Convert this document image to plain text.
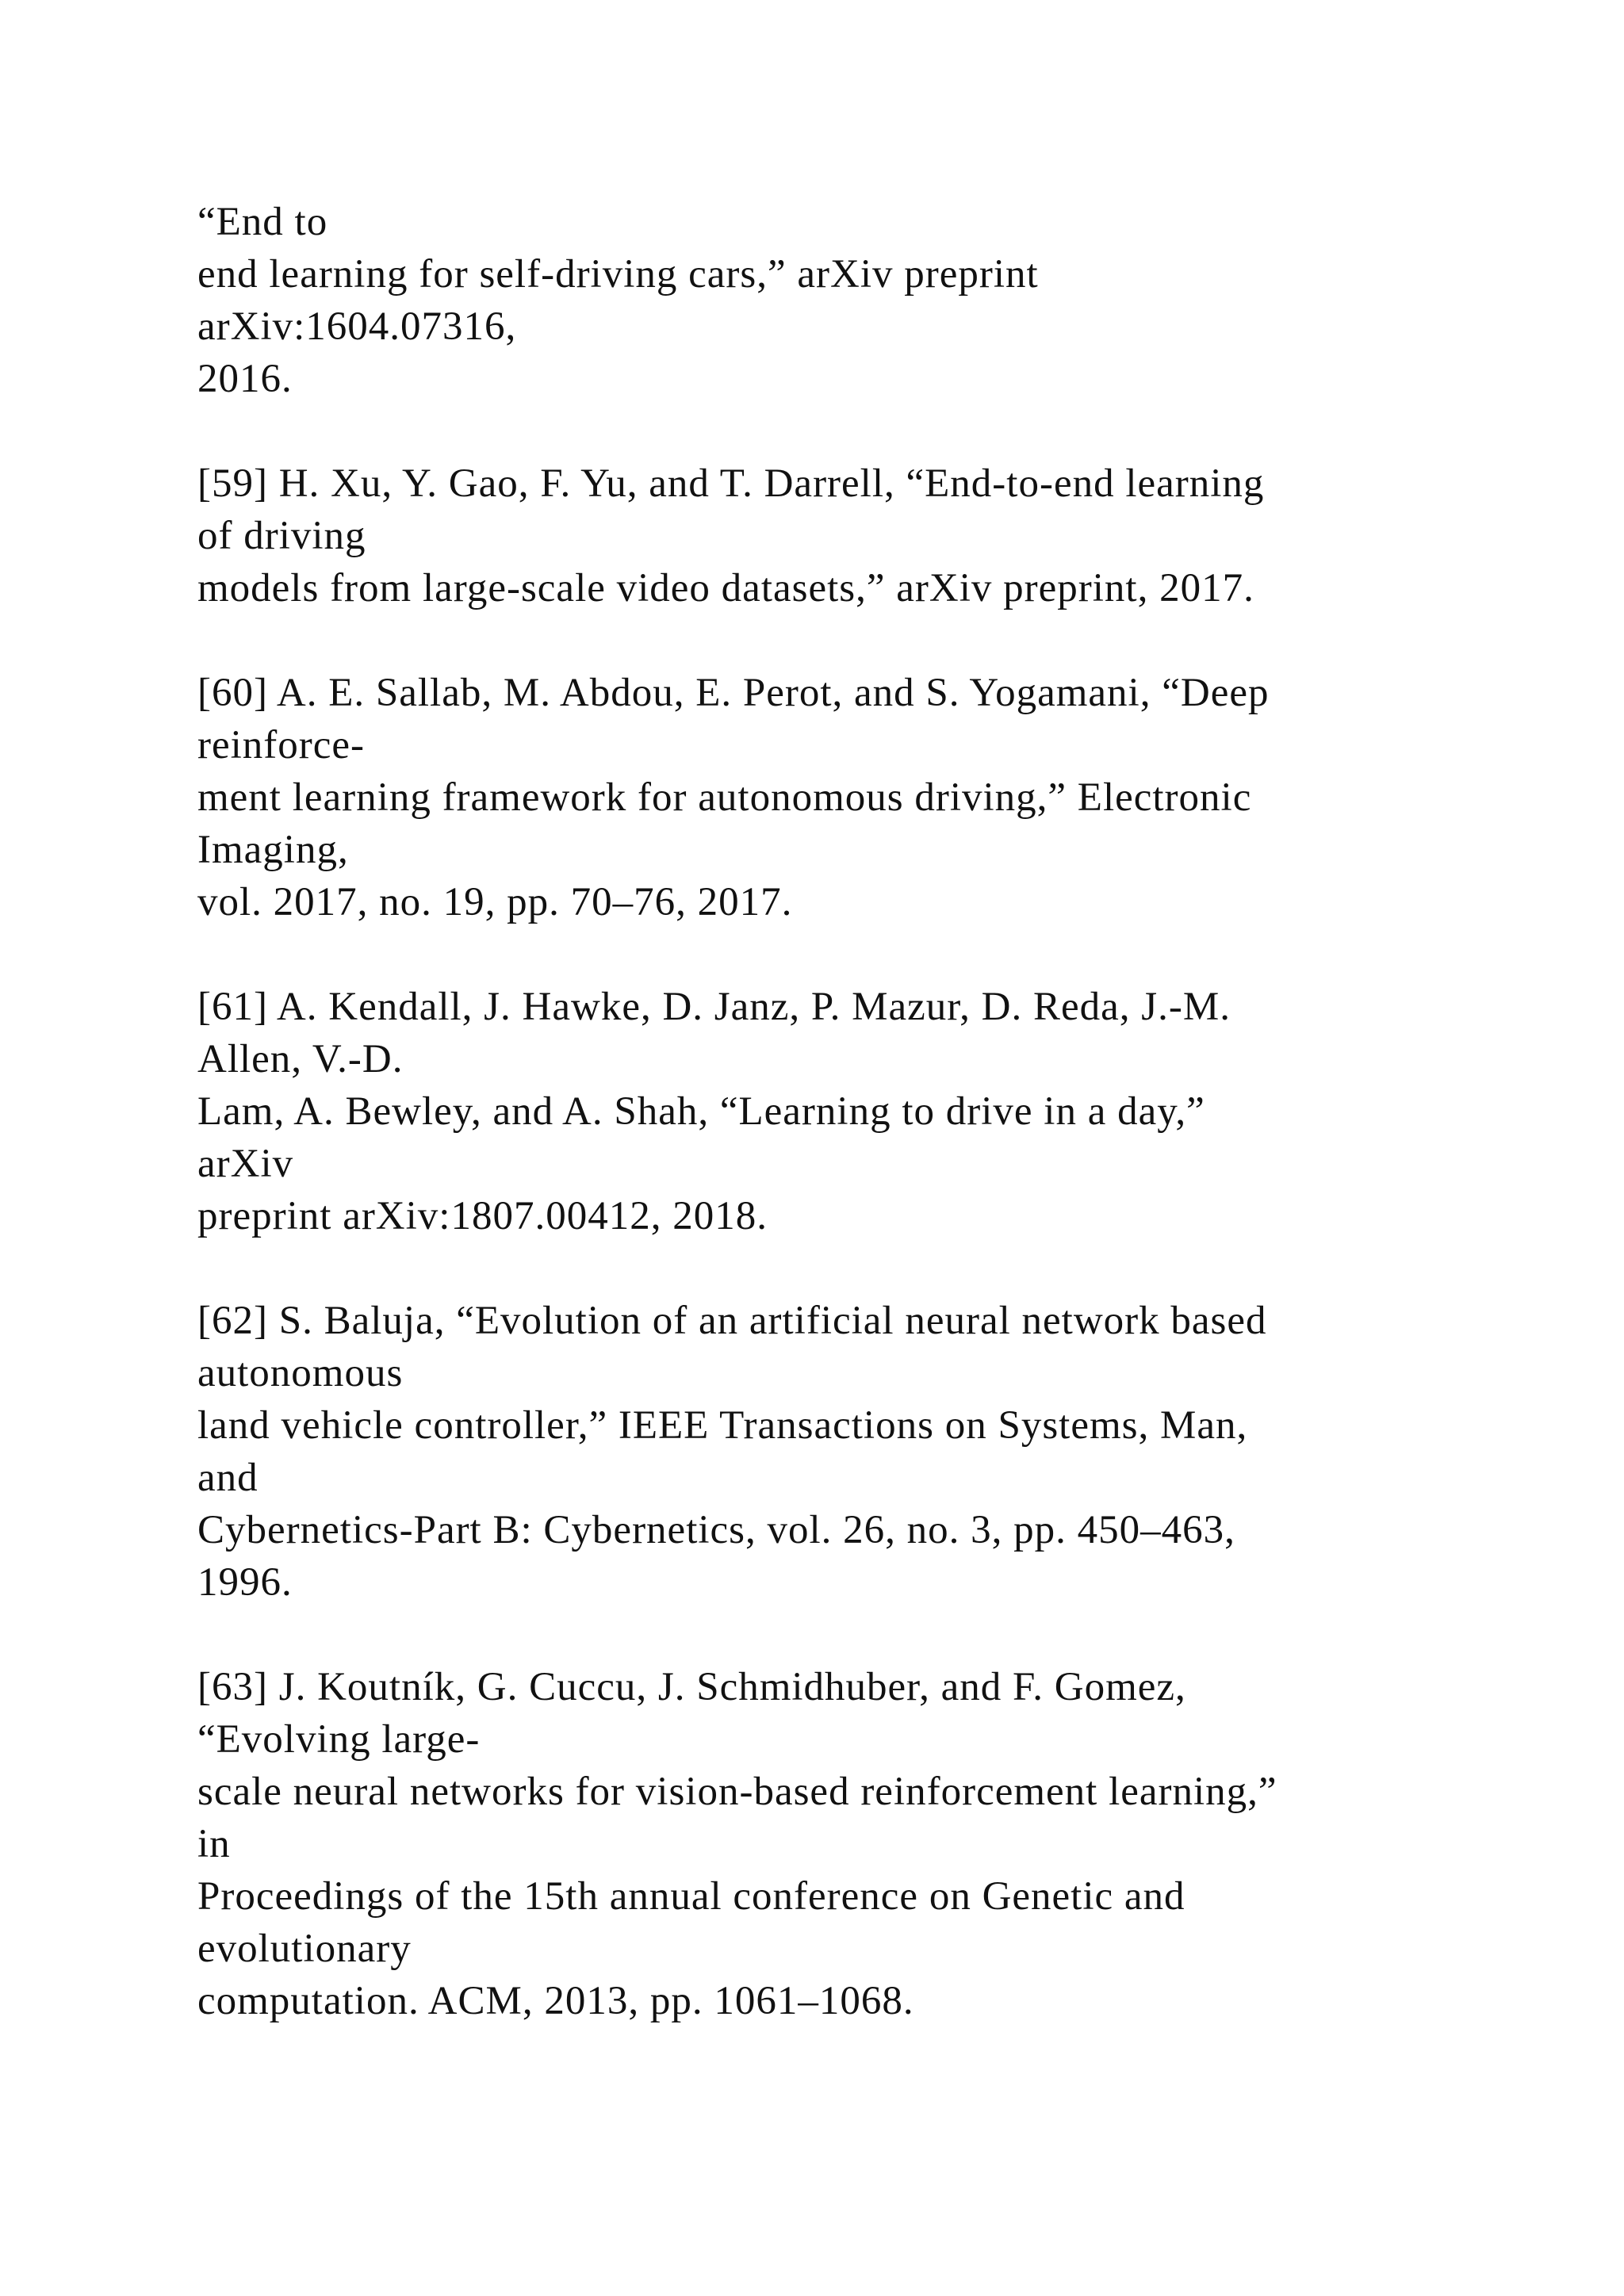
“End to
end learning for self-driving cars,” arXiv preprint
arXiv:1604.07316,
2016.
[59] H. Xu, Y. Gao, F. Yu, and T. Darrell, “End-to-end learning
of driving
models from large-scale video datasets,” arXiv preprint, 2017.
[60] A. E. Sallab, M. Abdou, E. Perot, and S. Yogamani, “Deep
reinforce-
ment learning framework for autonomous driving,” Electronic
Imaging,
vol. 2017, no. 19, pp. 70–76, 2017.
[61] A. Kendall, J. Hawke, D. Janz, P. Mazur, D. Reda, J.-M.
Allen, V.-D.
Lam, A. Bewley, and A. Shah, “Learning to drive in a day,”
arXiv
preprint arXiv:1807.00412, 2018.
[62] S. Baluja, “Evolution of an artificial neural network based
autonomous
land vehicle controller,” IEEE Transactions on Systems, Man,
and
Cybernetics-Part B: Cybernetics, vol. 26, no. 3, pp. 450–463,
1996.
[63] J. Koutník, G. Cuccu, J. Schmidhuber, and F. Gomez,
“Evolving large-
scale neural networks for vision-based reinforcement learning,”
in
Proceedings of the 15th annual conference on Genetic and
evolutionary
computation. ACM, 2013, pp. 1061–1068.
